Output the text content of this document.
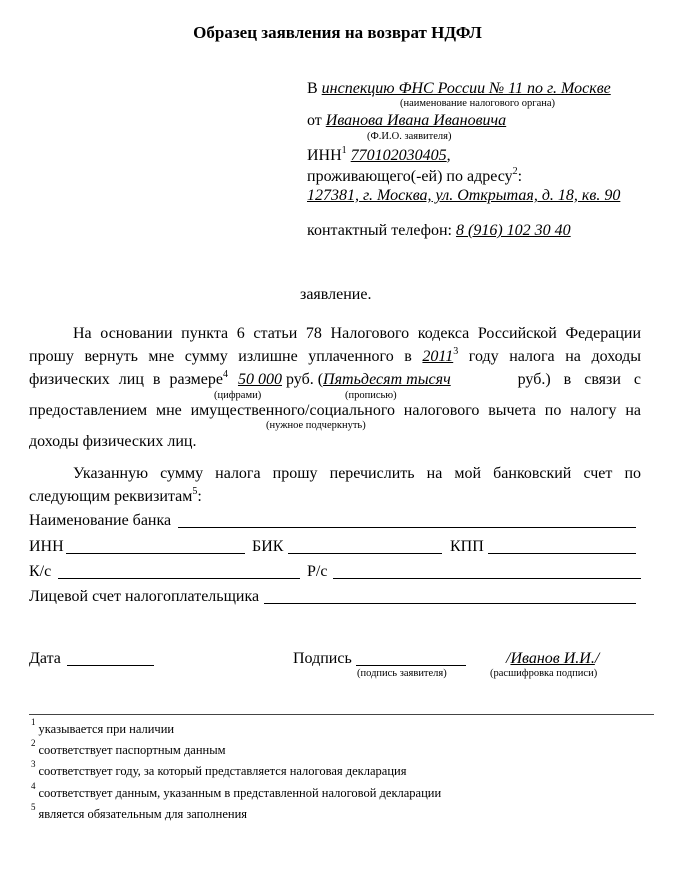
Образец заявления на возврат НДФЛ
В инспекцию ФНС России № 11 по г. Москве
(наименование налогового органа)
от Иванова Ивана Ивановича
(Ф.И.О. заявителя)
ИНН$^1$ 770102030405,
проживающего(-ей) по адресу$^2$:
127381, г. Москва, ул. Открытая, д. 18, кв. 90
контактный телефон: 8 (916) 102 30 40
заявление.
На основании пункта 6 статьи 78 Налогового кодекса Российской Федерации
прошу вернуть мне сумму излишне уплаченного в 2011$^3$ году налога на доходы
физических лиц в размере$^4$ 50 000 руб. (Пятьдесят тысяч	руб.) в связи с
(цифрами)	(прописью)
предоставлением мне имущественного/социального налогового вычета по налогу на
(нужное подчеркнуть)
доходы физических лиц.
Указанную сумму налога прошу перечислить на мой банковский счет по
следующим реквизитам$^5$:
Наименование банка
ИНН	БИК	КПП
К/с	Р/с
Лицевой счет налогоплательщика
Дата	Подпись
(подпись заявителя)
/Иванов И.И./
(расшифровка подписи)
$^1$указывается при наличии
$^2$соответствует паспортным данным
$^3$соответствует году, за который представляется налоговая декларация
$^4$соответствует данным, указанным в представленной налоговой декларации
$^5$является обязательным для заполнения
